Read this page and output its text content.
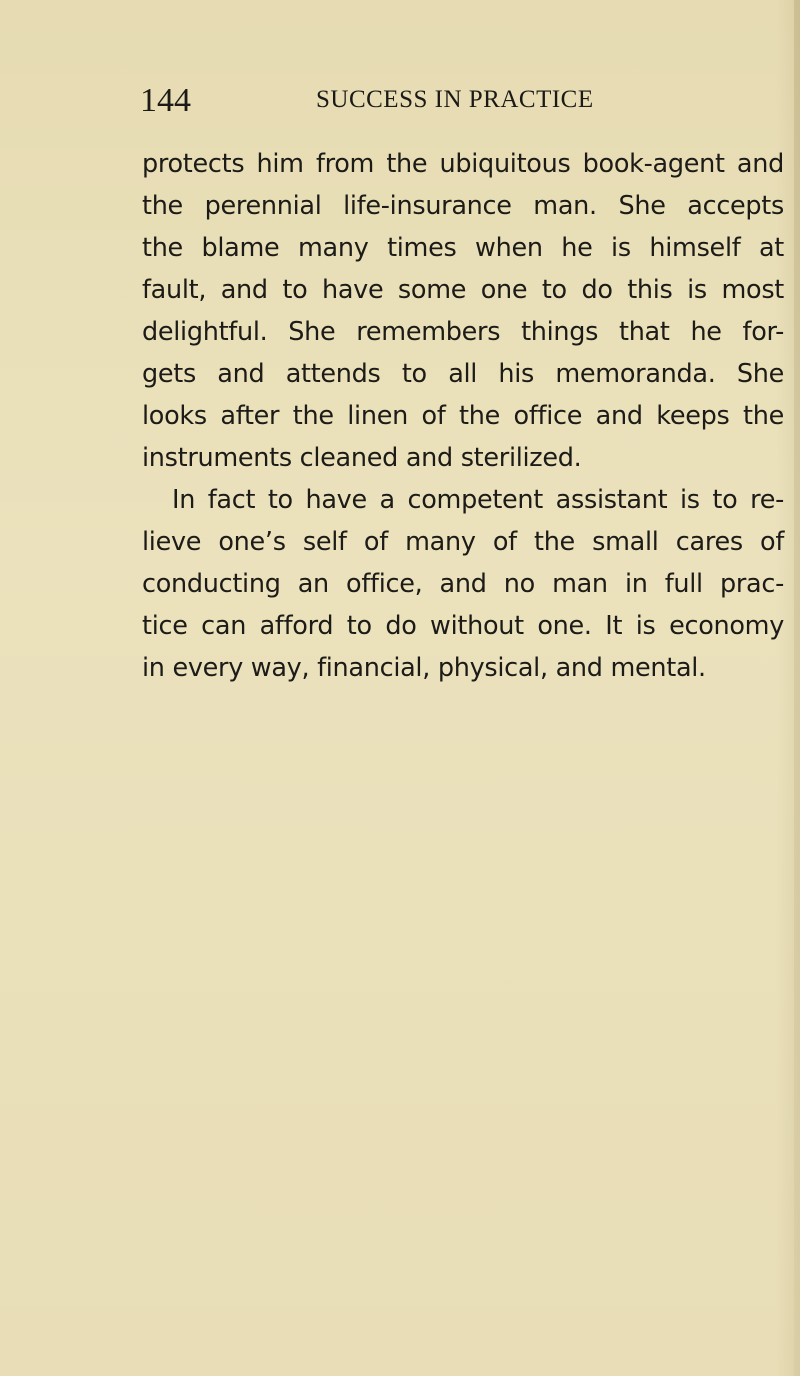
144	SUCCESS IN PRACTICE
protects him from the ubiquitous book-agent and
the perennial life-insurance man. She accepts
the blame many times when he is himself at
fault, and to have some one to do this is most
delightful. She remembers things that he for-
gets and attends to all his memoranda. She
looks after the linen of the office and keeps the
instruments cleaned and sterilized.
In fact to have a competent assistant is to re-
lieve one’s self of many of the small cares of
conducting an office, and no man in full prac-
tice can afford to do without one. It is economy
in every way, financial, physical, and mental.
